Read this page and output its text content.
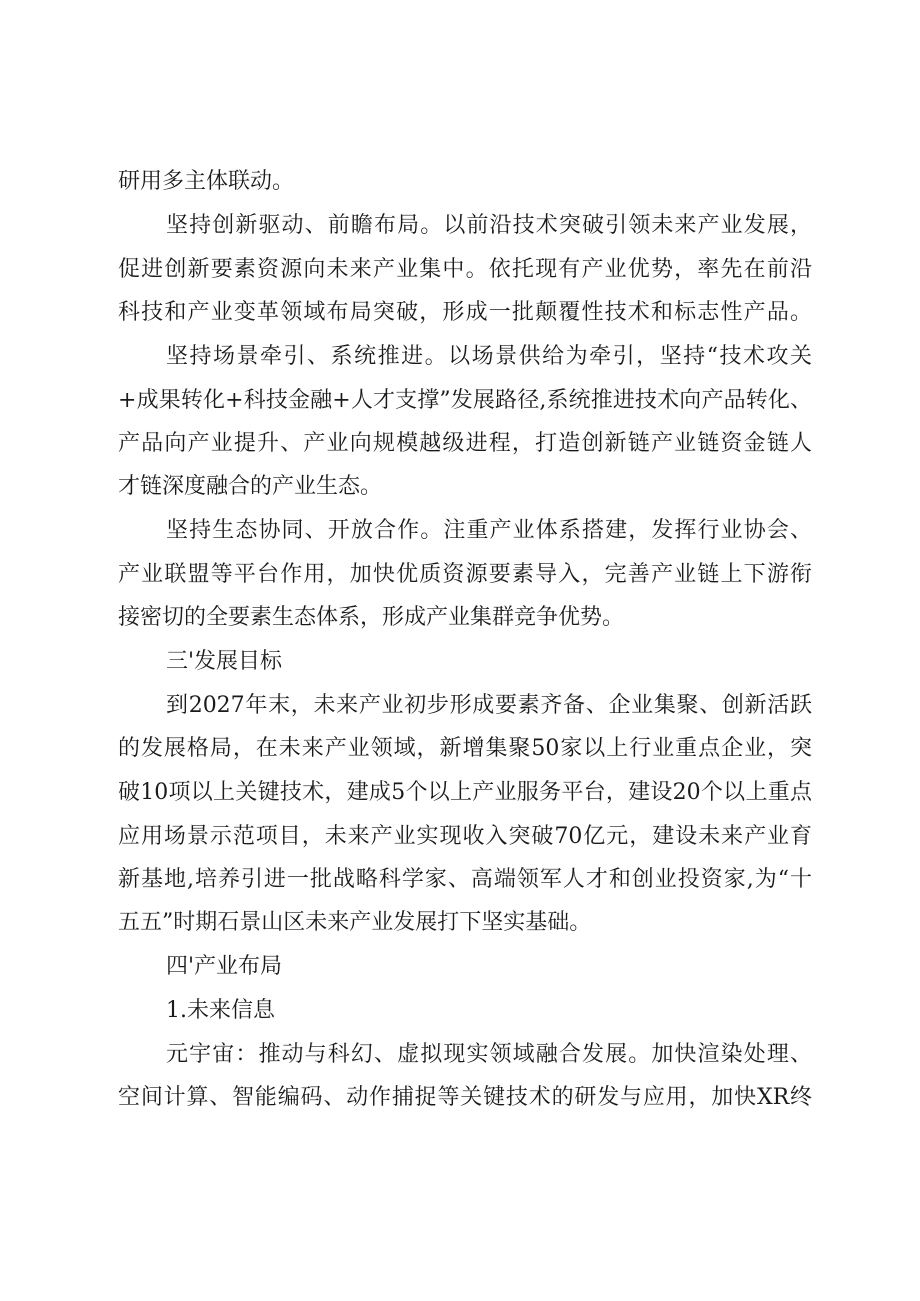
研用多主体联动。
坚持创新驱动、前瞻布局。以前沿技术突破引领未来产业发展，
促进创新要素资源向未来产业集中。依托现有产业优势，率先在前沿
科技和产业变革领域布局突破，形成一批颠覆性技术和标志性产品。
坚持场景牵引、系统推进。以场景供给为牵引，坚持“技术攻关
+成果转化+科技金融+人才支撑”发展路径,系统推进技术向产品转化、
产品向产业提升、产业向规模越级进程，打造创新链产业链资金链人
才链深度融合的产业生态。
坚持生态协同、开放合作。注重产业体系搭建，发挥行业协会、
产业联盟等平台作用，加快优质资源要素导入，完善产业链上下游衔
接密切的全要素生态体系，形成产业集群竞争优势。
三'发展目标
到2027年末，未来产业初步形成要素齐备、企业集聚、创新活跃
的发展格局，在未来产业领域，新增集聚50家以上行业重点企业，突
破10项以上关键技术，建成5个以上产业服务平台，建设20个以上重点
应用场景示范项目，未来产业实现收入突破70亿元，建设未来产业育
新基地,培养引进一批战略科学家、高端领军人才和创业投资家,为“十
五五”时期石景山区未来产业发展打下坚实基础。
四'产业布局
1.未来信息
元宇宙：推动与科幻、虚拟现实领域融合发展。加快渲染处理、
空间计算、智能编码、动作捕捉等关键技术的研发与应用，加快XR终
